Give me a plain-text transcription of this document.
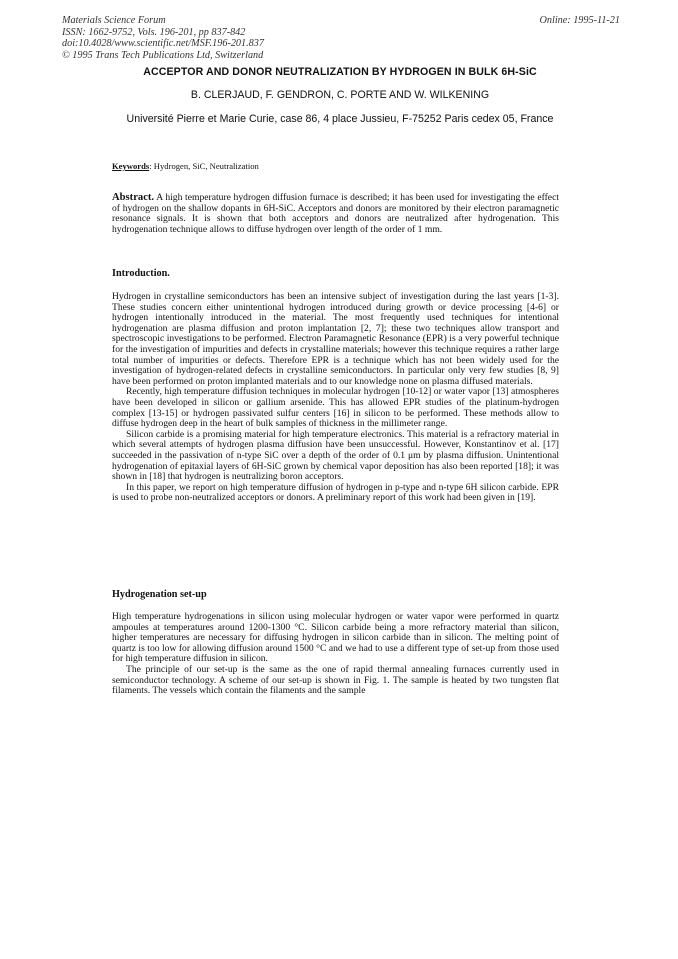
Materials Science Forum
ISSN: 1662-9752, Vols. 196-201, pp 837-842
doi:10.4028/www.scientific.net/MSF.196-201.837
© 1995 Trans Tech Publications Ltd, Switzerland
Online: 1995-11-21
ACCEPTOR AND DONOR NEUTRALIZATION BY HYDROGEN IN BULK 6H-SiC
B. CLERJAUD, F. GENDRON, C. PORTE AND W. WILKENING
Université Pierre et Marie Curie, case 86, 4 place Jussieu, F-75252 Paris cedex 05, France
Keywords: Hydrogen, SiC, Neutralization

Abstract. A high temperature hydrogen diffusion furnace is described; it has been used for investigating the effect of hydrogen on the shallow dopants in 6H-SiC. Acceptors and donors are monitored by their electron paramagnetic resonance signals. It is shown that both acceptors and donors are neutralized after hydrogenation. This hydrogenation technique allows to diffuse hydrogen over length of the order of 1 mm.

Introduction.

Hydrogen in crystalline semiconductors has been an intensive subject of investigation during the last years [1-3]. These studies concern either unintentional hydrogen introduced during growth or device processing [4-6] or hydrogen intentionally introduced in the material. The most frequently used techniques for intentional hydrogenation are plasma diffusion and proton implantation [2, 7]; these two techniques allow transport and spectroscopic investigations to be performed. Electron Paramagnetic Resonance (EPR) is a very powerful technique for the investigation of impurities and defects in crystalline materials; however this technique requires a rather large total number of impurities or defects. Therefore EPR is a technique which has not been widely used for the investigation of hydrogen-related defects in crystalline semiconductors. In particular only very few studies [8, 9] have been performed on proton implanted materials and to our knowledge none on plasma diffused materials.

Recently, high temperature diffusion techniques in molecular hydrogen [10-12] or water vapor [13] atmospheres have been developed in silicon or gallium arsenide. This has allowed EPR studies of the platinum-hydrogen complex [13-15] or hydrogen passivated sulfur centers [16] in silicon to be performed. These methods allow to diffuse hydrogen deep in the heart of bulk samples of thickness in the millimeter range.

Silicon carbide is a promising material for high temperature electronics. This material is a refractory material in which several attempts of hydrogen plasma diffusion have been unsuccessful. However, Konstantinov et al. [17] succeeded in the passivation of n-type SiC over a depth of the order of 0.1 μm by plasma diffusion. Unintentional hydrogenation of epitaxial layers of 6H-SiC grown by chemical vapor deposition has also been reported [18]; it was shown in [18] that hydrogen is neutralizing boron acceptors.

In this paper, we report on high temperature diffusion of hydrogen in p-type and n-type 6H silicon carbide. EPR is used to probe non-neutralized acceptors or donors. A preliminary report of this work had been given in [19].

Hydrogenation set-up

High temperature hydrogenations in silicon using molecular hydrogen or water vapor were performed in quartz ampoules at temperatures around 1200-1300 °C. Silicon carbide being a more refractory material than silicon, higher temperatures are necessary for diffusing hydrogen in silicon carbide than in silicon. The melting point of quartz is too low for allowing diffusion around 1500 °C and we had to use a different type of set-up from those used for high temperature diffusion in silicon.

The principle of our set-up is the same as the one of rapid thermal annealing furnaces currently used in semiconductor technology. A scheme of our set-up is shown in Fig. 1. The sample is heated by two tungsten flat filaments. The vessels which contain the filaments and the sample
